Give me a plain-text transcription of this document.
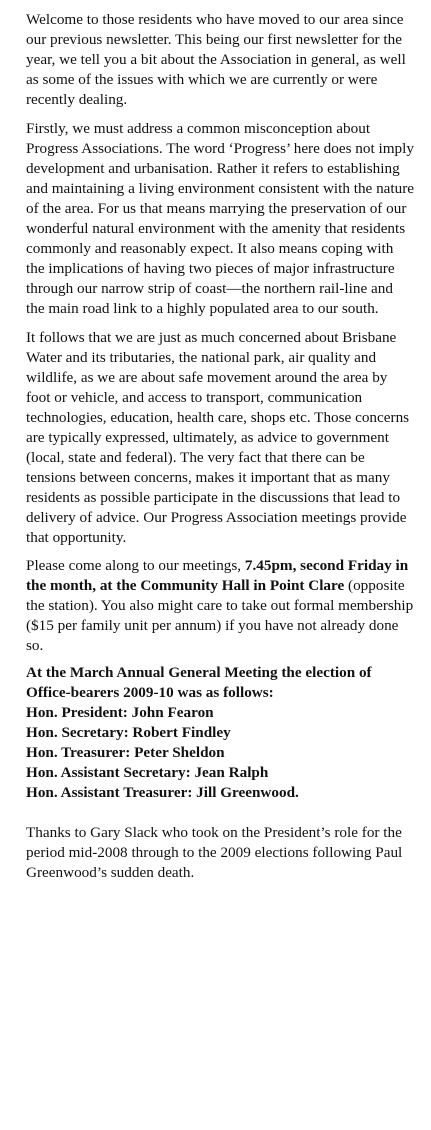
Welcome to those residents who have moved to our area since our previous newsletter. This being our first newsletter for the year, we tell you a bit about the Association in general, as well as some of the issues with which we are currently or were recently dealing.

Firstly, we must address a common misconception about Progress Associations. The word ‘Progress’ here does not imply development and urbanisation. Rather it refers to establishing and maintaining a living environment consistent with the nature of the area. For us that means marrying the preservation of our wonderful natural environment with the amenity that residents commonly and reasonably expect. It also means coping with the implications of having two pieces of major infrastructure through our narrow strip of coast—the northern rail-line and the main road link to a highly populated area to our south.

It follows that we are just as much concerned about Brisbane Water and its tributaries, the national park, air quality and wildlife, as we are about safe movement around the area by foot or vehicle, and access to transport, communication technologies, education, health care, shops etc. Those concerns are typically expressed, ultimately, as advice to government (local, state and federal). The very fact that there can be tensions between concerns, makes it important that as many residents as possible participate in the discussions that lead to delivery of advice. Our Progress Association meetings provide that opportunity.

Please come along to our meetings, 7.45pm, second Friday in the month, at the Community Hall in Point Clare (opposite the station). You also might care to take out formal membership ($15 per family unit per annum) if you have not already done so.

At the March Annual General Meeting the election of Office-bearers 2009-10 was as follows:

Hon. President: John Fearon
Hon. Secretary: Robert Findley
Hon. Treasurer: Peter Sheldon
Hon. Assistant Secretary: Jean Ralph
Hon. Assistant Treasurer: Jill Greenwood.

Thanks to Gary Slack who took on the President’s role for the period mid-2008 through to the 2009 elections following Paul Greenwood’s sudden death.
